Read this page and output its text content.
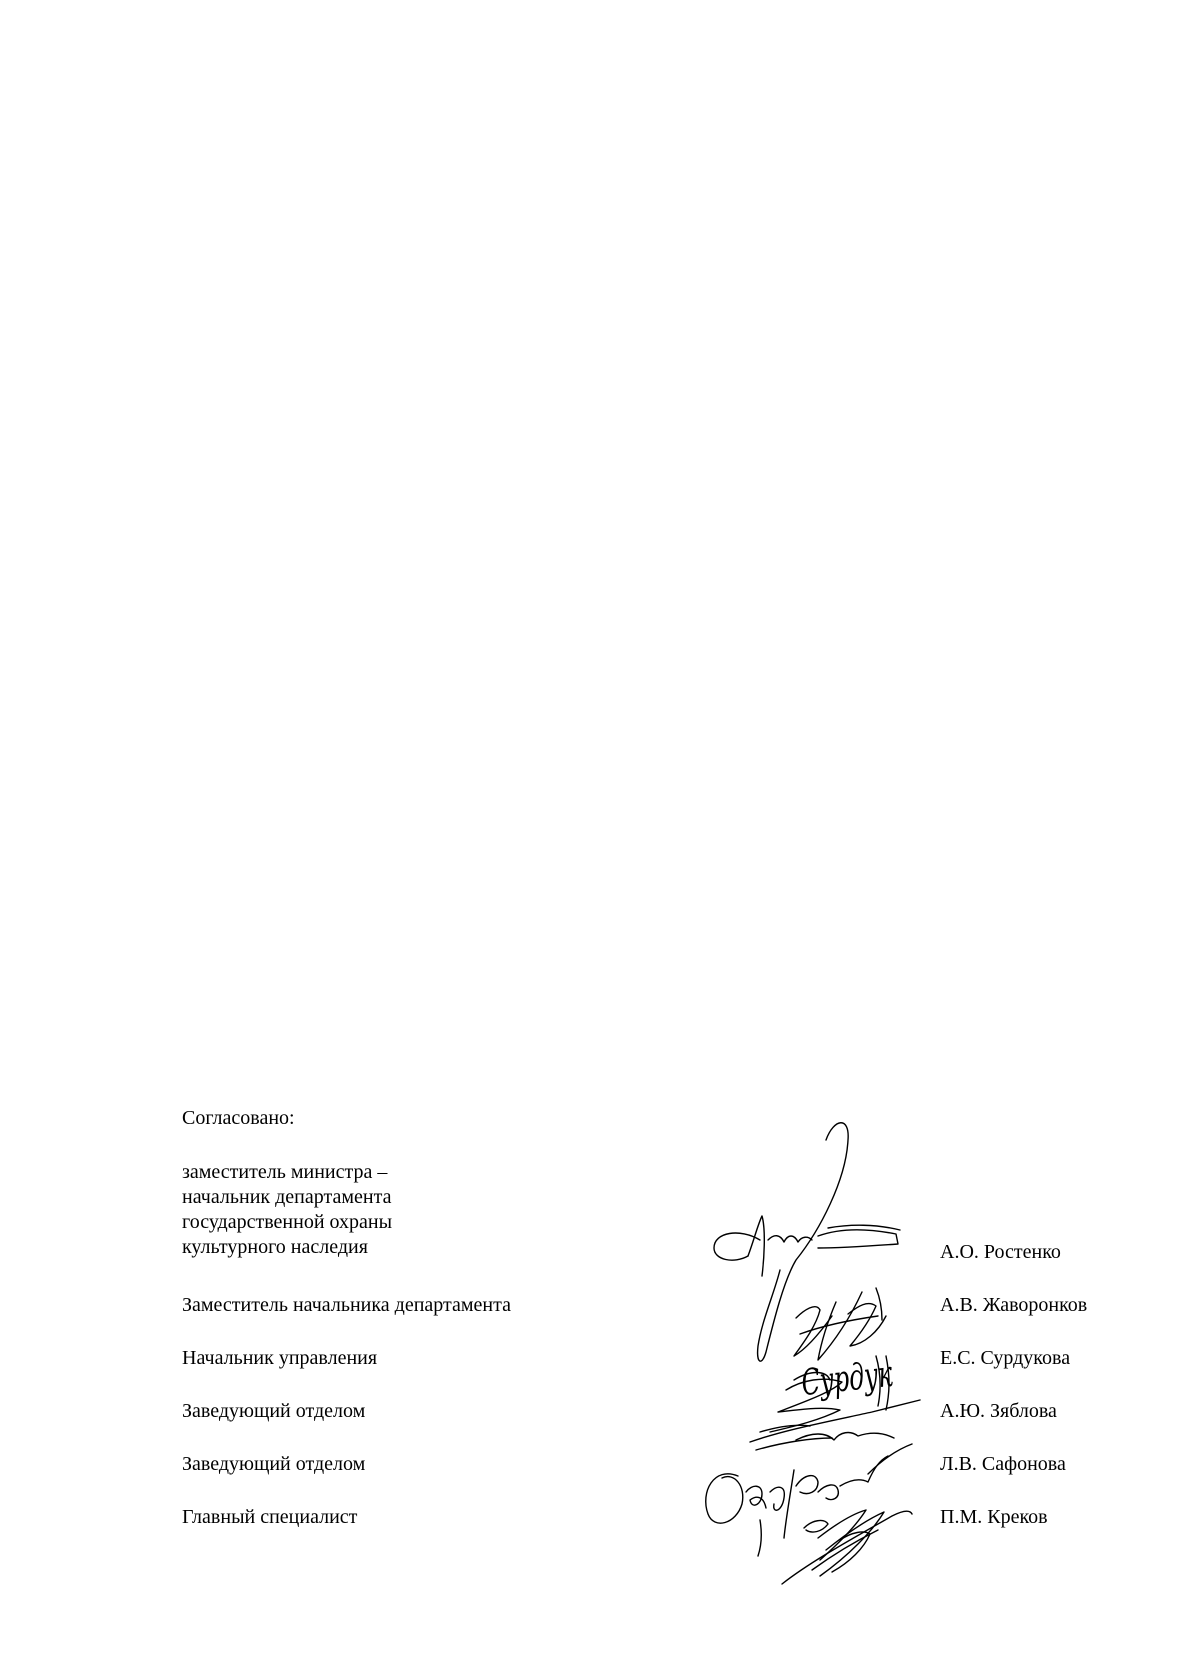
Согласовано:
заместитель министра –
начальник департамента
государственной охраны
культурного наследия	А.О. Ростенко
Заместитель начальника департамента	А.В. Жаворонков
Начальник управления	Е.С. Сурдукова
Заведующий отделом	А.Ю. Зяблова
Заведующий отделом	Л.В. Сафонова
Главный специалист	П.М. Креков
Сурдук
